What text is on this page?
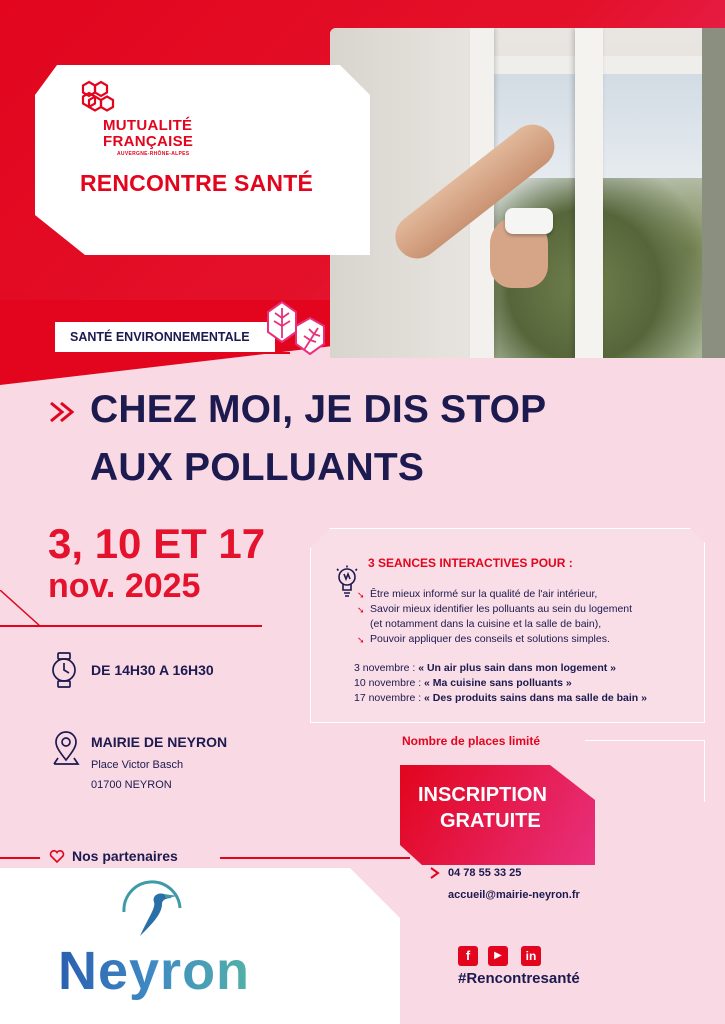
MUTUALITÉ
FRANÇAISE
AUVERGNE-RHÔNE-ALPES
RENCONTRE SANTÉ
SANTÉ ENVIRONNEMENTALE
CHEZ MOI, JE DIS STOP
AUX POLLUANTS
3, 10 ET 17
nov. 2025
3 SEANCES INTERACTIVES POUR :
➘ Être mieux informé sur la qualité de l'air intérieur,
➘ Savoir mieux identifier les polluants au sein du logement
(et notamment dans la cuisine et la salle de bain),
➘ Pouvoir appliquer des conseils et solutions simples.
3 novembre : « Un air plus sain dans mon logement »
10 novembre : « Ma cuisine sans polluants »
17 novembre : « Des produits sains dans ma salle de bain »
Nombre de places limité
DE 14H30 A 16H30
MAIRIE DE NEYRON
Place Victor Basch
01700 NEYRON	INSCRIPTION
GRATUITE
04 78 55 33 25
accueil@mairie-neyron.fr
Nos partenaires
Neyron	f	▶	in
#Rencontresanté
